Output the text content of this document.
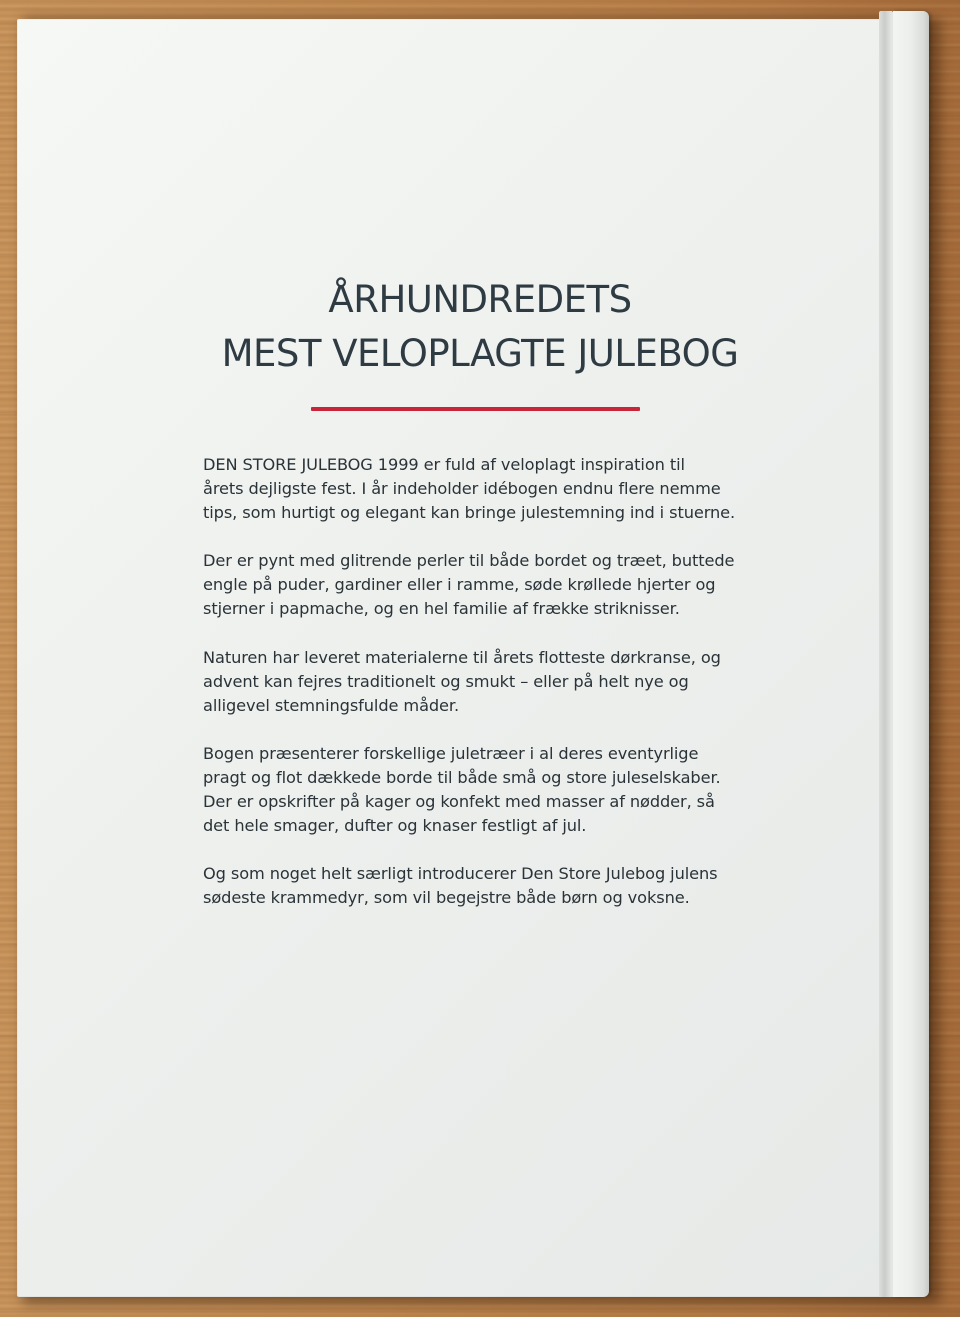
ÅRHUNDREDETS
MEST VELOPLAGTE JULEBOG

DEN STORE JULEBOG 1999 er fuld af veloplagt inspiration til
årets dejligste fest. I år indeholder idébogen endnu flere nemme
tips, som hurtigt og elegant kan bringe julestemning ind i stuerne.

Der er pynt med glitrende perler til både bordet og træet, buttede
engle på puder, gardiner eller i ramme, søde krøllede hjerter og
stjerner i papmache, og en hel familie af frække striknisser.

Naturen har leveret materialerne til årets flotteste dørkranse, og
advent kan fejres traditionelt og smukt – eller på helt nye og
alligevel stemningsfulde måder.

Bogen præsenterer forskellige juletræer i al deres eventyrlige
pragt og flot dækkede borde til både små og store juleselskaber.
Der er opskrifter på kager og konfekt med masser af nødder, så
det hele smager, dufter og knaser festligt af jul.

Og som noget helt særligt introducerer Den Store Julebog julens
sødeste krammedyr, som vil begejstre både børn og voksne.
